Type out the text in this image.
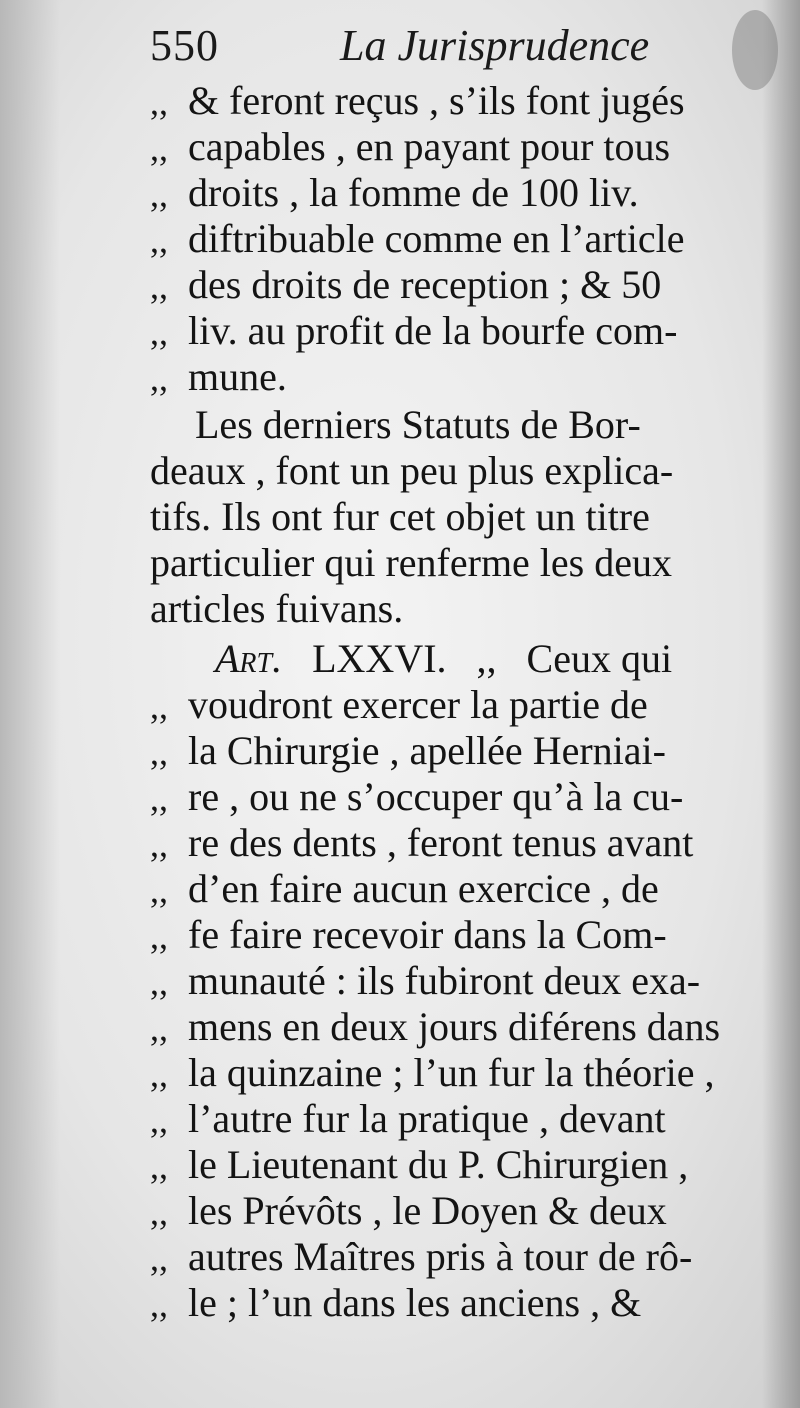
550	La Jurisprudence
,, & feront reçus , s’ils font jugés
,, capables , en payant pour tous
,, droits , la fomme de 100 liv.
,, diftribuable comme en l’article
,, des droits de reception ; & 50
,, liv. au profit de la bourfe com-
,, mune.
Les derniers Statuts de Bor-
deaux , font un peu plus explica-
tifs. Ils ont fur cet objet un titre
particulier qui renferme les deux
articles fuivans.
Art. LXXVI. ,, Ceux qui
,, voudront exercer la partie de
,, la Chirurgie , apellée Herniai-
,, re , ou ne s’occuper qu’à la cu-
,, re des dents , feront tenus avant
,, d’en faire aucun exercice , de
,, fe faire recevoir dans la Com-
,, munauté : ils fubiront deux exa-
,, mens en deux jours diférens dans
,, la quinzaine ; l’un fur la théorie ,
,, l’autre fur la pratique , devant
,, le Lieutenant du P. Chirurgien ,
,, les Prévôts , le Doyen & deux
,, autres Maîtres pris à tour de rô-
,, le ; l’un dans les anciens , &
